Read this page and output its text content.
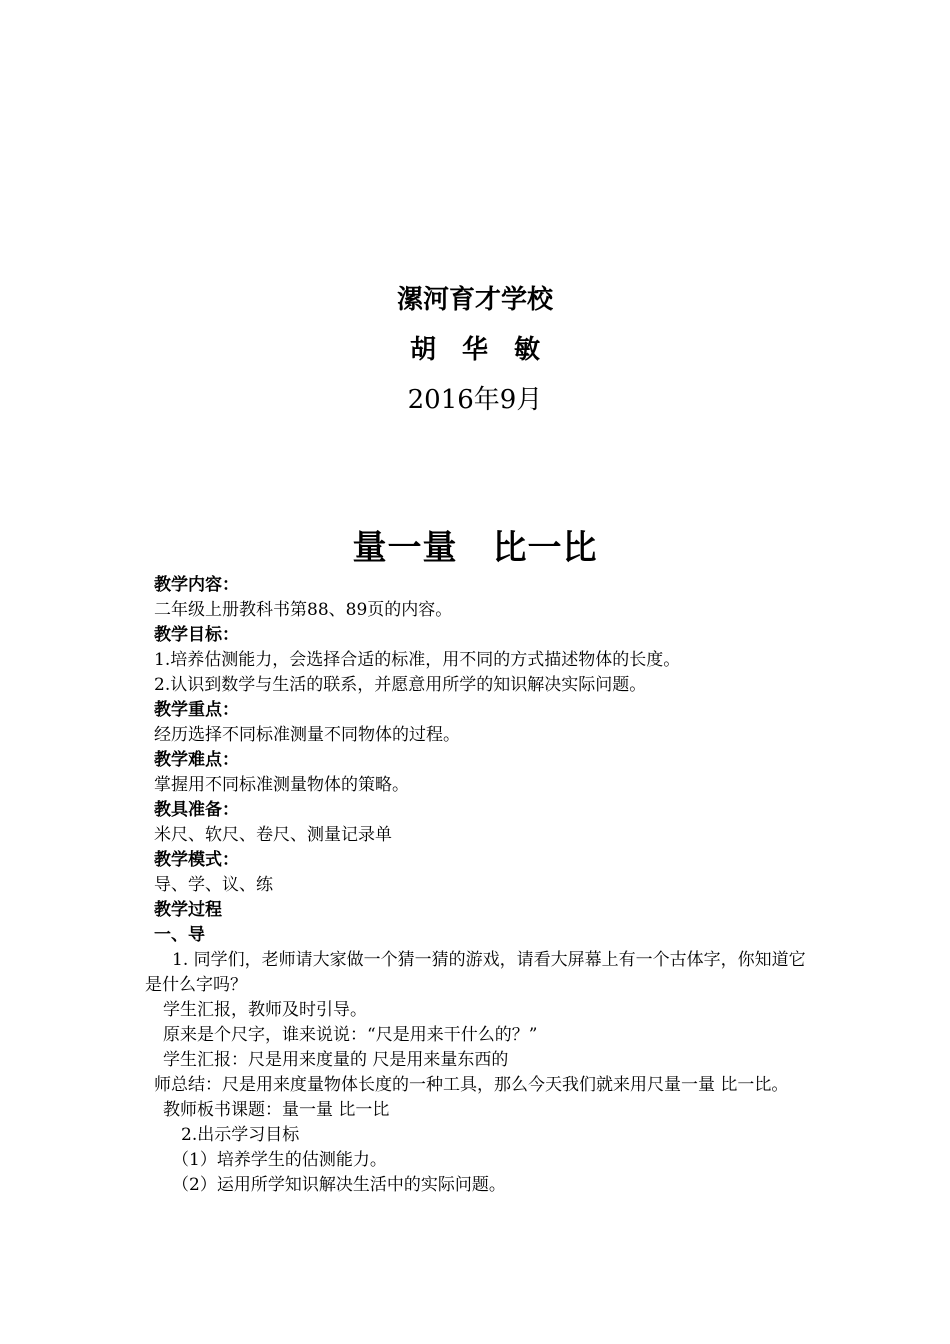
漯河育才学校
胡　华　敏
2016年9月
量一量　比一比

教学内容：

二年级上册教科书第88、89页的内容。

教学目标：

1.培养估测能力，会选择合适的标准，用不同的方式描述物体的长度。

2.认识到数学与生活的联系，并愿意用所学的知识解决实际问题。

教学重点：

经历选择不同标准测量不同物体的过程。

教学难点：

掌握用不同标准测量物体的策略。

教具准备：

米尺、软尺、卷尺、测量记录单

教学模式：

导、学、议、练

教学过程

一、导

1. 同学们，老师请大家做一个猜一猜的游戏，请看大屏幕上有一个古体字，你知道它是什么字吗？

学生汇报，教师及时引导。

原来是个尺字，谁来说说：“尺是用来干什么的？”

学生汇报：尺是用来度量的 尺是用来量东西的

师总结：尺是用来度量物体长度的一种工具，那么今天我们就来用尺量一量 比一比。

教师板书课题：量一量 比一比

2.出示学习目标

（1）培养学生的估测能力。

（2）运用所学知识解决生活中的实际问题。
